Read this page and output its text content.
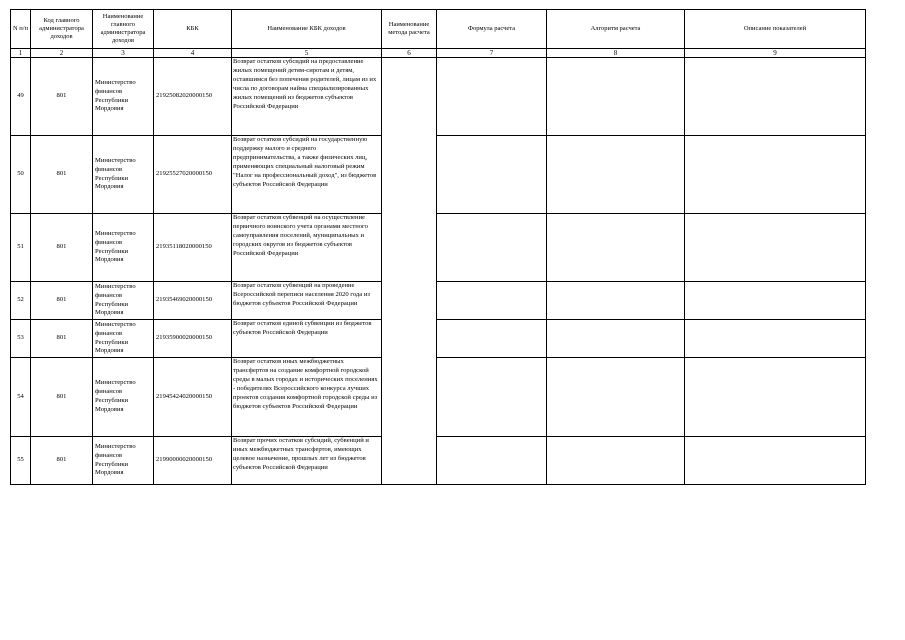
N п/п	Код главного администратора доходов	Наименование главного администратора доходов	КБК	Наименование КБК доходов	Наименование метода расчета	Формула расчета	Алгоритм расчета	Описание показателей
1	2	3	4	5	6	7	8	9
49	801	Министерство финансов Республики Мордовия	21925082020000150	Возврат остатков субсидий на предоставление жилых помещений детям-сиротам и детям, оставшимся без попечения родителей, лицам из их числа по договорам найма специализированных жилых помещений из бюджетов субъектов Российской Федерации				
50	801	Министерство финансов Республики Мордовия	21925527020000150	Возврат остатков субсидий на государственную поддержку малого и среднего предпринимательства, а также физических лиц, применяющих специальный налоговый режим "Налог на профессиональный доход", из бюджетов субъектов Российской Федерации				
51	801	Министерство финансов Республики Мордовия	21935118020000150	Возврат остатков субвенций на осуществление первичного воинского учета органами местного самоуправления поселений, муниципальных и городских округов из бюджетов субъектов Российской Федерации				
52	801	Министерство финансов Республики Мордовия	21935469020000150	Возврат остатков субвенций на проведение Всероссийской переписи населения 2020 года из бюджетов субъектов Российской Федерации				
53	801	Министерство финансов Республики Мордовия	21935900020000150	Возврат остатков единой субвенции из бюджетов субъектов Российской Федерации				
54	801	Министерство финансов Республики Мордовия	21945424020000150	Возврат остатков иных межбюджетных трансфертов на создание комфортной городской среды в малых городах и исторических поселениях - победителях Всероссийского конкурса лучших проектов создания комфортной городской среды из бюджетов субъектов Российской Федерации				
55	801	Министерство финансов Республики Мордовия	21990000020000150	Возврат прочих остатков субсидий, субвенций и иных межбюджетных трансфертов, имеющих целевое назначение, прошлых лет из бюджетов субъектов Российской Федерации				
